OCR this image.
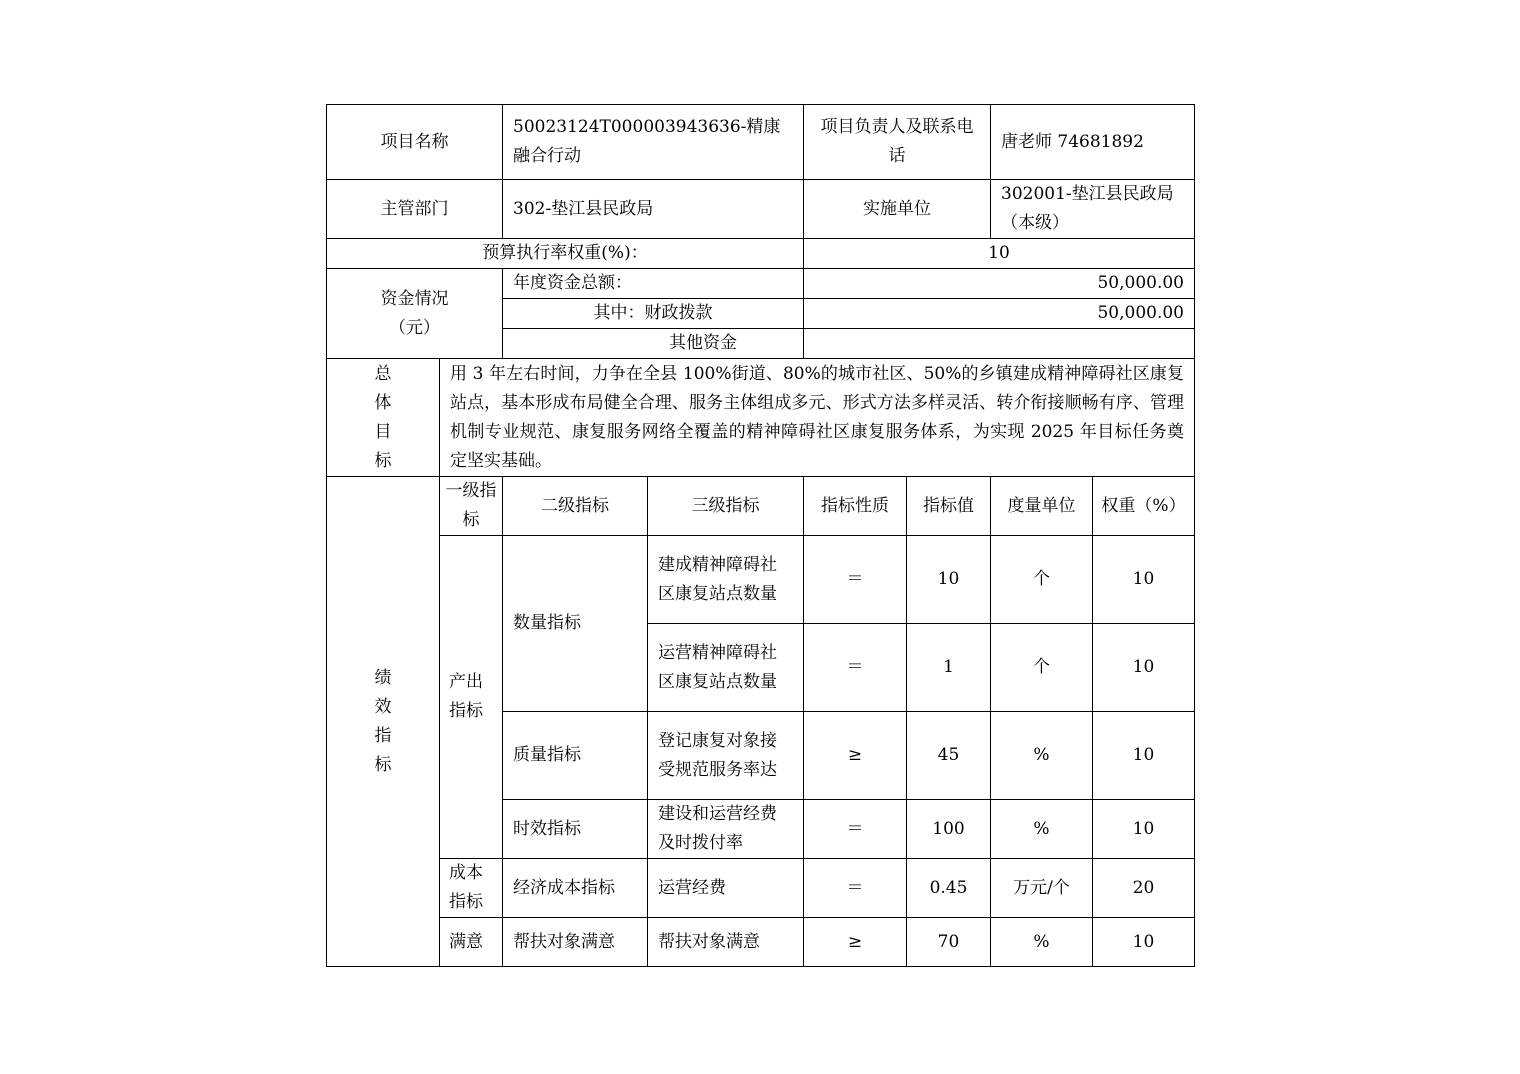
项目名称		50023124T000003943636-精康融合行动		项目负责人及联系电话		唐老师 74681892	
主管部门		302-垫江县民政局		实施单位		302001-垫江县民政局（本级）	
预算执行率权重(%)：				10			

资金情况
（元）		年度资金总额：		50,000.00			
		其中：财政拨款		50,000.00			
		其他资金					

总
体
目
标	用 3 年左右时间，力争在全县 100%街道、80%的城市社区、50%的乡镇建成精神障碍社区康复站点，基本形成布局健全合理、服务主体组成多元、形式方法多样灵活、转介衔接顺畅有序、管理机制专业规范、康复服务网络全覆盖的精神障碍社区康复服务体系，为实现 2025 年目标任务奠定坚实基础。						

绩
效
指
标	一级指标	二级指标	三级指标	指标性质	指标值	度量单位	权重（%）
	产出指标	数量指标	建成精神障碍社区康复站点数量	＝	10	个	10
			运营精神障碍社区康复站点数量	＝	1	个	10
		质量指标	登记康复对象接受规范服务率达	≥	45	%	10
		时效指标	建设和运营经费及时拨付率	＝	100	%	10
	成本指标	经济成本指标	运营经费	＝	0.45	万元/个	20
	满意	帮扶对象满意	帮扶对象满意	≥	70	%	10
